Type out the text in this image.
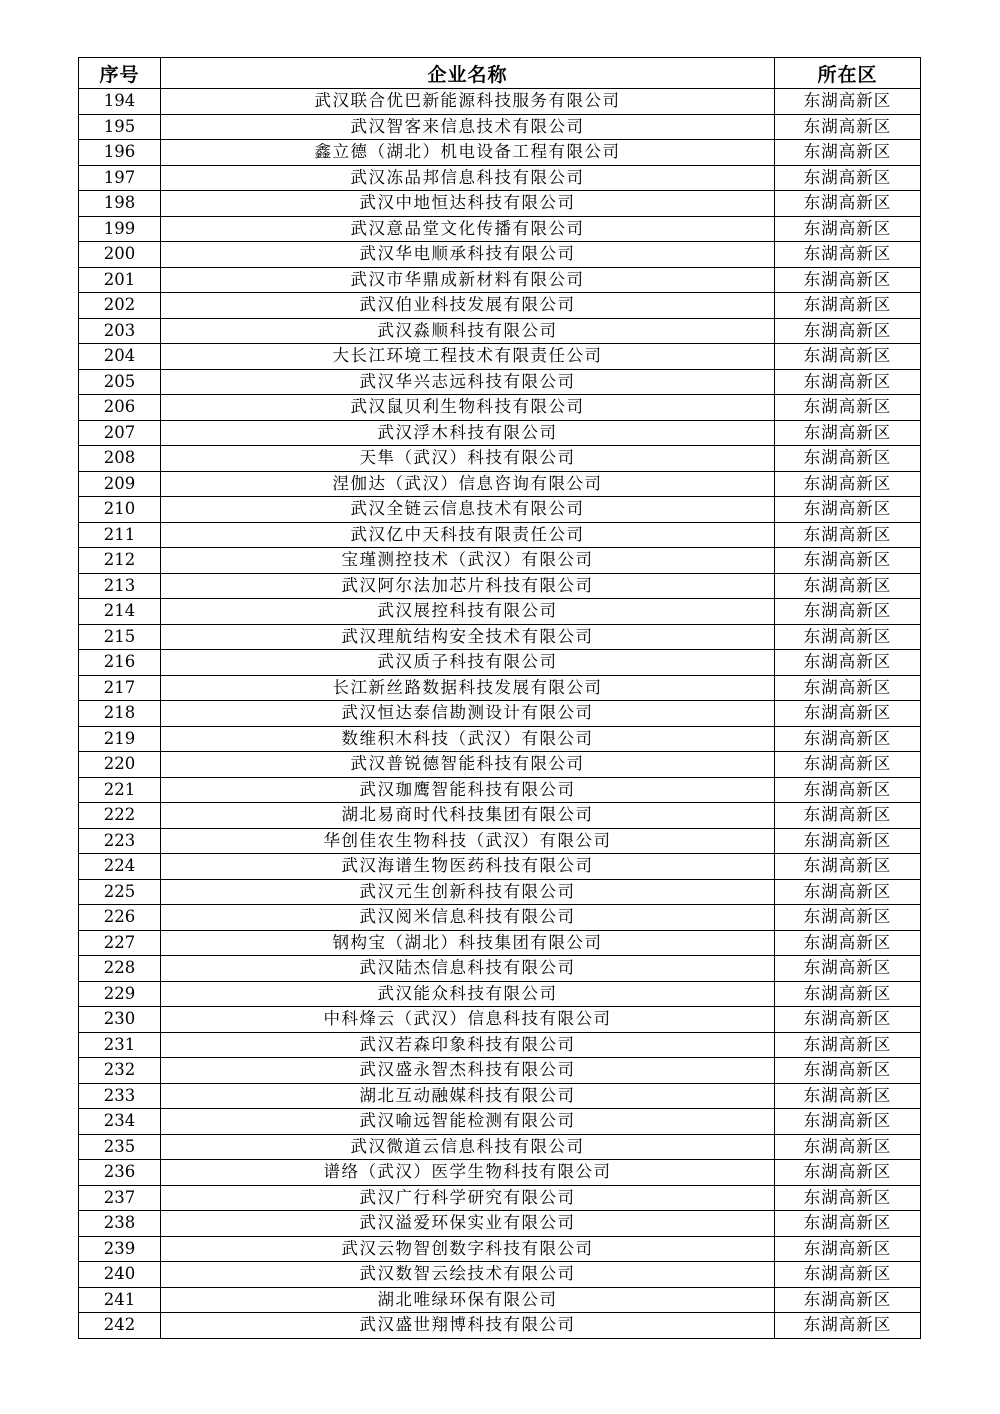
序号	企业名称	所在区
194	武汉联合优巴新能源科技服务有限公司	东湖高新区
195	武汉智客来信息技术有限公司	东湖高新区
196	鑫立德（湖北）机电设备工程有限公司	东湖高新区
197	武汉冻品邦信息科技有限公司	东湖高新区
198	武汉中地恒达科技有限公司	东湖高新区
199	武汉意品堂文化传播有限公司	东湖高新区
200	武汉华电顺承科技有限公司	东湖高新区
201	武汉市华鼎成新材料有限公司	东湖高新区
202	武汉伯业科技发展有限公司	东湖高新区
203	武汉淼顺科技有限公司	东湖高新区
204	大长江环境工程技术有限责任公司	东湖高新区
205	武汉华兴志远科技有限公司	东湖高新区
206	武汉鼠贝利生物科技有限公司	东湖高新区
207	武汉浮木科技有限公司	东湖高新区
208	天隼（武汉）科技有限公司	东湖高新区
209	涅伽达（武汉）信息咨询有限公司	东湖高新区
210	武汉全链云信息技术有限公司	东湖高新区
211	武汉亿中天科技有限责任公司	东湖高新区
212	宝瑾测控技术（武汉）有限公司	东湖高新区
213	武汉阿尔法加芯片科技有限公司	东湖高新区
214	武汉展控科技有限公司	东湖高新区
215	武汉理航结构安全技术有限公司	东湖高新区
216	武汉质子科技有限公司	东湖高新区
217	长江新丝路数据科技发展有限公司	东湖高新区
218	武汉恒达泰信勘测设计有限公司	东湖高新区
219	数维积木科技（武汉）有限公司	东湖高新区
220	武汉普锐德智能科技有限公司	东湖高新区
221	武汉珈鹰智能科技有限公司	东湖高新区
222	湖北易商时代科技集团有限公司	东湖高新区
223	华创佳农生物科技（武汉）有限公司	东湖高新区
224	武汉海谱生物医药科技有限公司	东湖高新区
225	武汉元生创新科技有限公司	东湖高新区
226	武汉阅米信息科技有限公司	东湖高新区
227	钢构宝（湖北）科技集团有限公司	东湖高新区
228	武汉陆杰信息科技有限公司	东湖高新区
229	武汉能众科技有限公司	东湖高新区
230	中科烽云（武汉）信息科技有限公司	东湖高新区
231	武汉若森印象科技有限公司	东湖高新区
232	武汉盛永智杰科技有限公司	东湖高新区
233	湖北互动融媒科技有限公司	东湖高新区
234	武汉喻远智能检测有限公司	东湖高新区
235	武汉微道云信息科技有限公司	东湖高新区
236	谱络（武汉）医学生物科技有限公司	东湖高新区
237	武汉广行科学研究有限公司	东湖高新区
238	武汉溢爱环保实业有限公司	东湖高新区
239	武汉云物智创数字科技有限公司	东湖高新区
240	武汉数智云绘技术有限公司	东湖高新区
241	湖北唯绿环保有限公司	东湖高新区
242	武汉盛世翔博科技有限公司	东湖高新区
